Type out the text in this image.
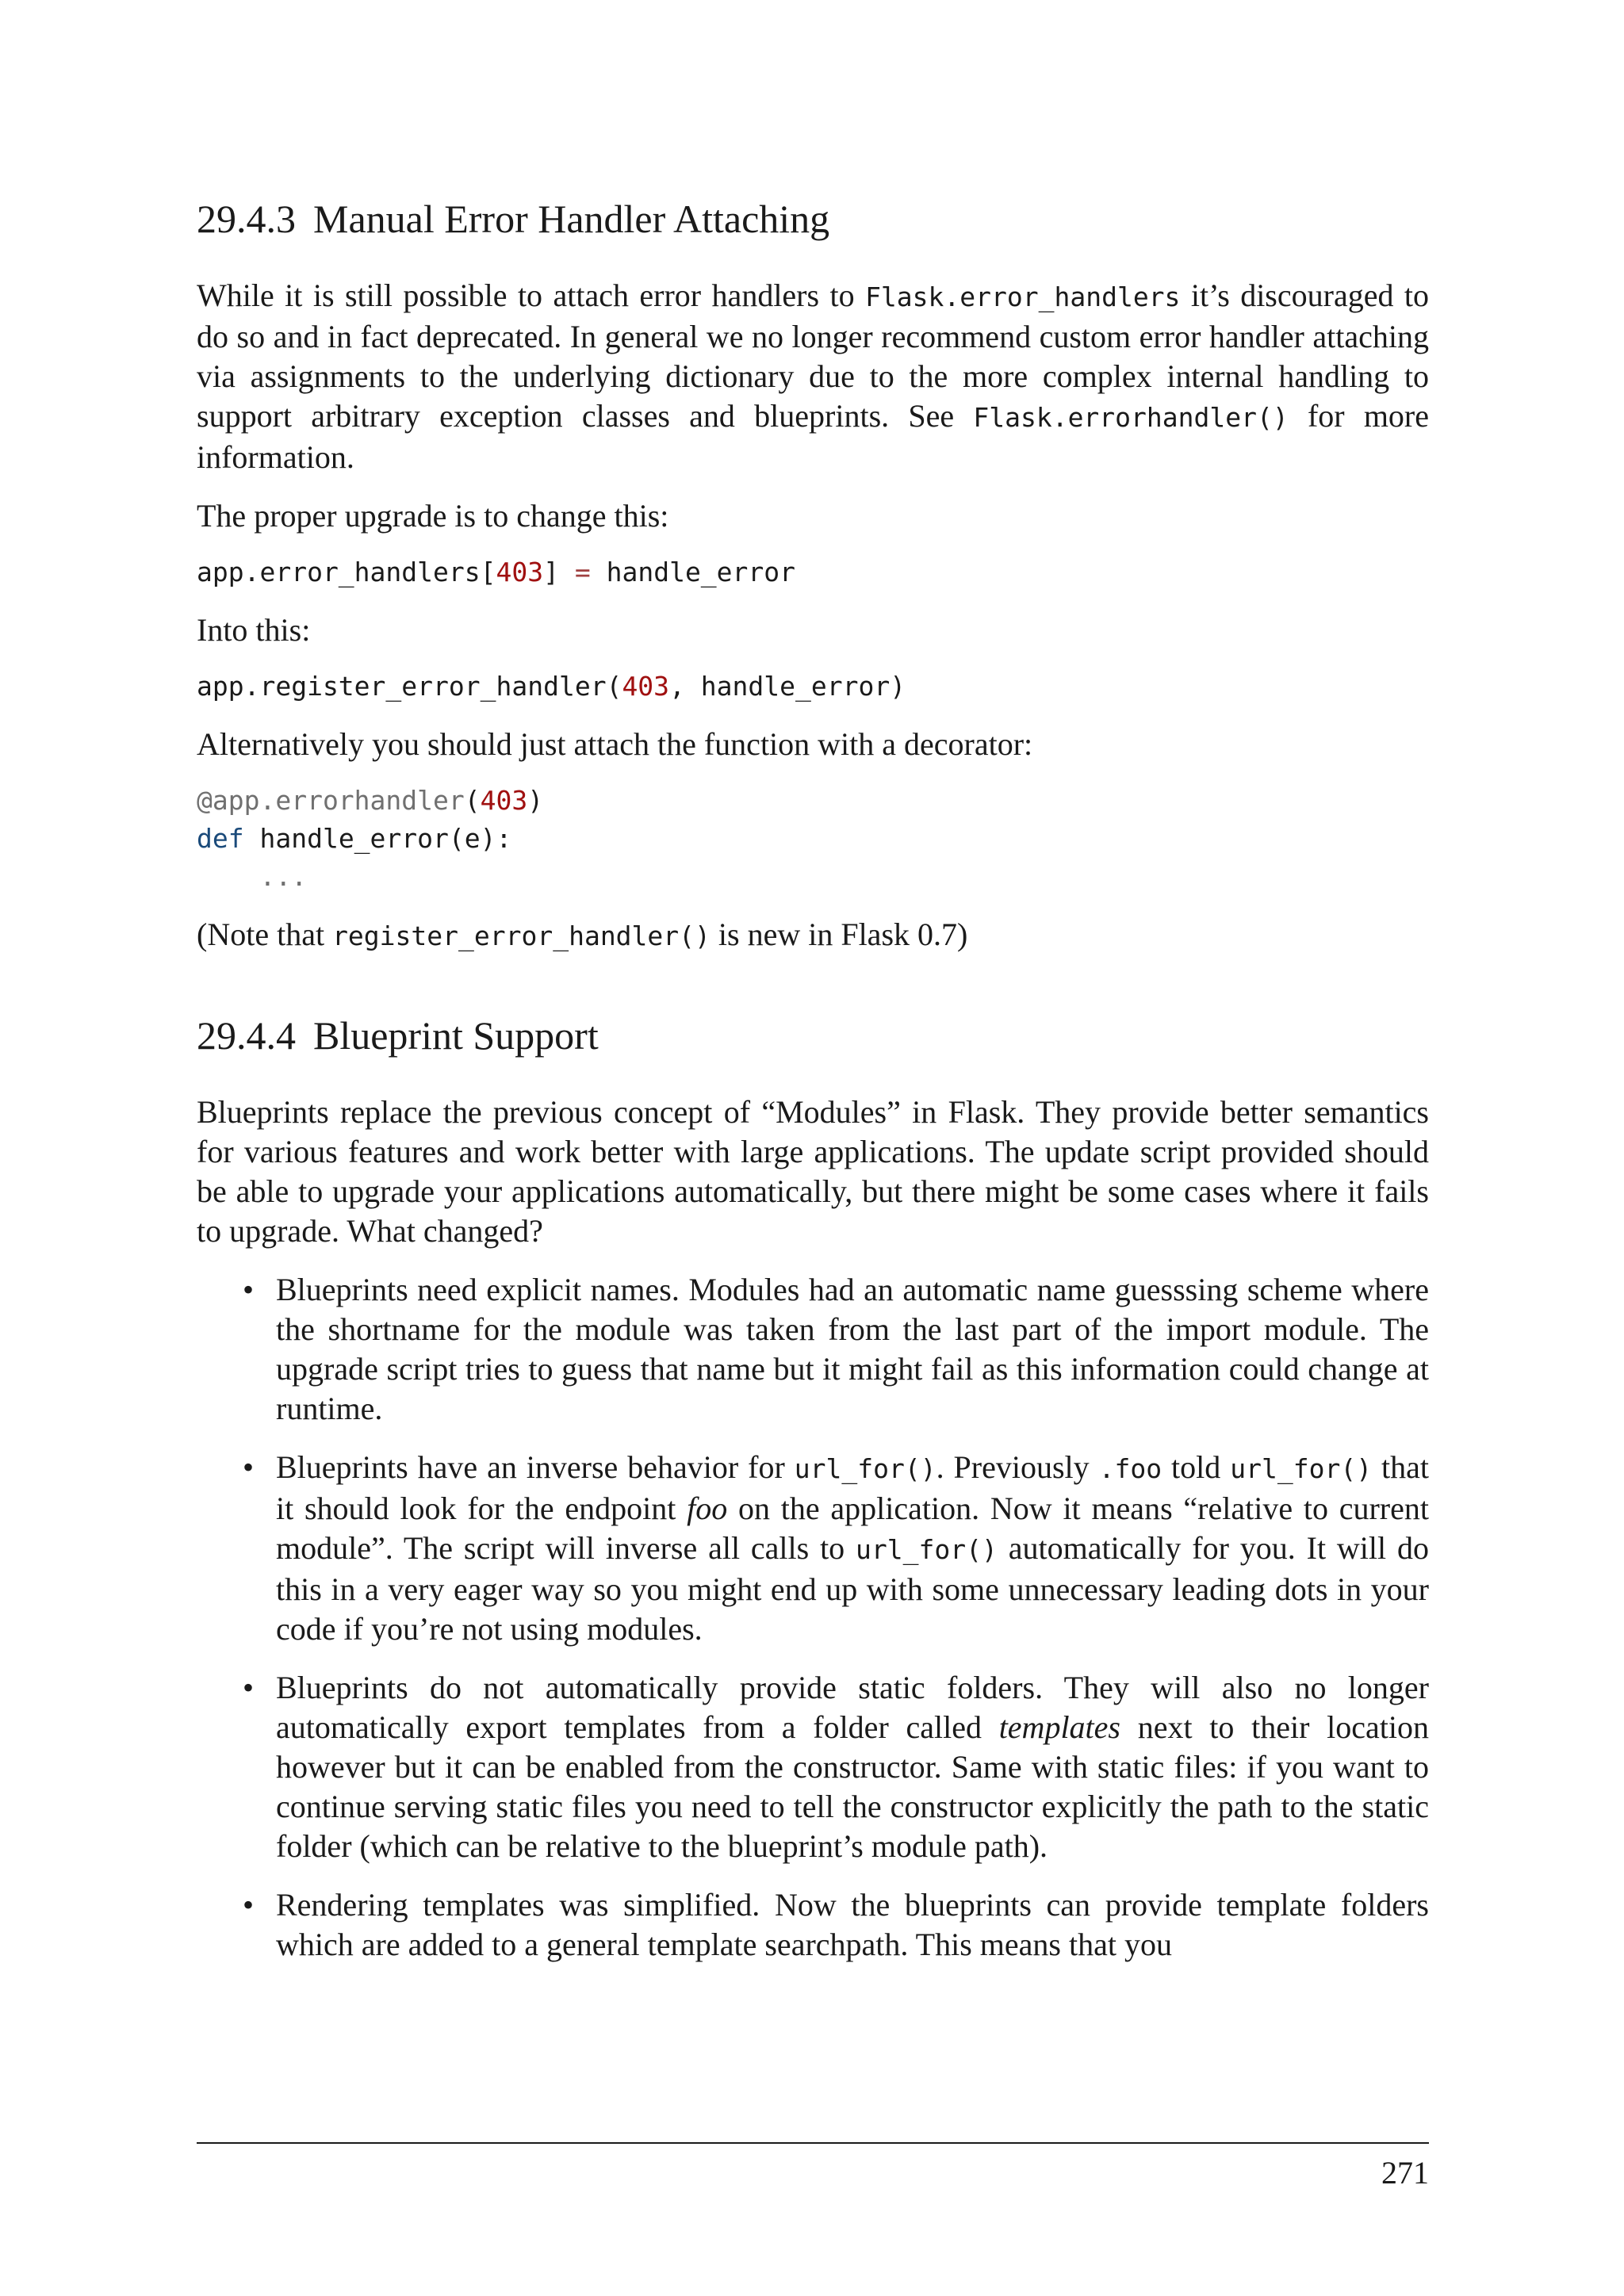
29.4.3 Manual Error Handler Attaching

While it is still possible to attach error handlers to Flask.error_handlers it’s discouraged to do so and in fact deprecated. In general we no longer recommend custom error handler attaching via assignments to the underlying dictionary due to the more complex internal handling to support arbitrary exception classes and blueprints. See Flask.errorhandler() for more information.

The proper upgrade is to change this:

app.error_handlers[403] = handle_error

Into this:

app.register_error_handler(403, handle_error)

Alternatively you should just attach the function with a decorator:

@app.errorhandler(403)
def handle_error(e):
...

(Note that register_error_handler() is new in Flask 0.7)

29.4.4 Blueprint Support

Blueprints replace the previous concept of “Modules” in Flask. They provide better semantics for various features and work better with large applications. The update script provided should be able to upgrade your applications automatically, but there might be some cases where it fails to upgrade. What changed?

• Blueprints need explicit names. Modules had an automatic name guesssing scheme where the shortname for the module was taken from the last part of the import module. The upgrade script tries to guess that name but it might fail as this information could change at runtime.
• Blueprints have an inverse behavior for url_for(). Previously .foo told url_for() that it should look for the endpoint foo on the application. Now it means “relative to current module”. The script will inverse all calls to url_for() automatically for you. It will do this in a very eager way so you might end up with some unnecessary leading dots in your code if you’re not using modules.
• Blueprints do not automatically provide static folders. They will also no longer automatically export templates from a folder called templates next to their location however but it can be enabled from the constructor. Same with static files: if you want to continue serving static files you need to tell the constructor explicitly the path to the static folder (which can be relative to the blueprint’s module path).
• Rendering templates was simplified. Now the blueprints can provide template folders which are added to a general template searchpath. This means that you
271
